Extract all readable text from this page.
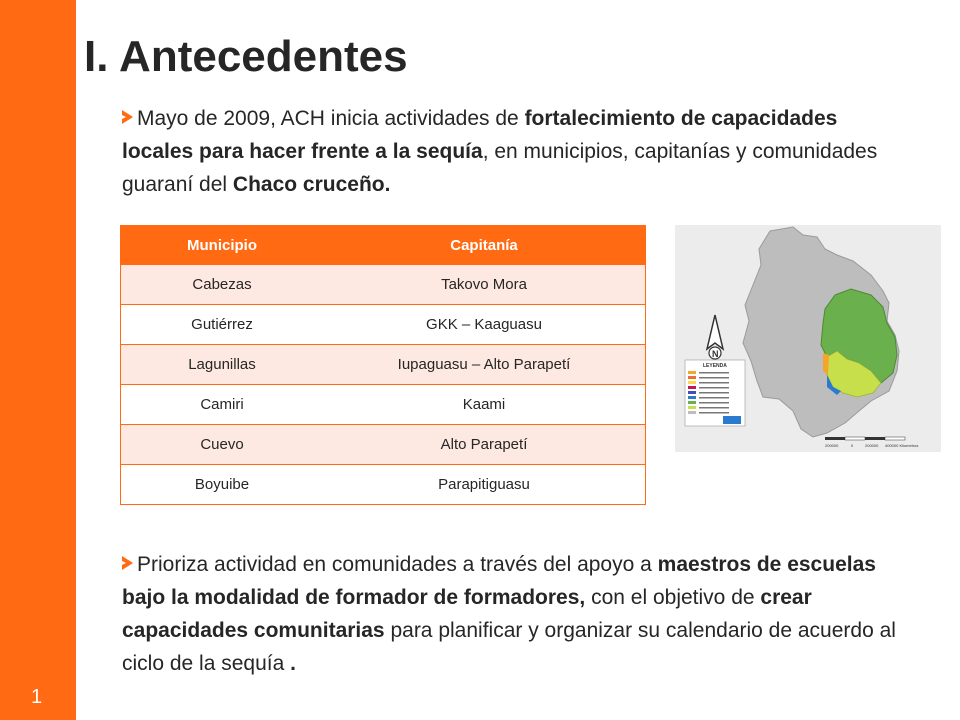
1
I. Antecedentes
Mayo de 2009, ACH inicia actividades de fortalecimiento de capacidades locales para hacer frente a la sequía, en municipios, capitanías y comunidades guaraní del Chaco cruceño.
Municipio	Capitanía
Cabezas	Takovo Mora
Gutiérrez	GKK – Kaaguasu
Lagunillas	Iupaguasu – Alto Parapetí
Camiri	Kaami
Cuevo	Alto Parapetí
Boyuibe	Parapitiguasu
N
LEYENDA
200000	0	200000 400000 Kilometros
Prioriza actividad en comunidades a través del apoyo a maestros de escuelas bajo la modalidad de formador de formadores, con el objetivo de crear capacidades comunitarias para planificar y organizar su calendario de acuerdo al ciclo de la sequía .
